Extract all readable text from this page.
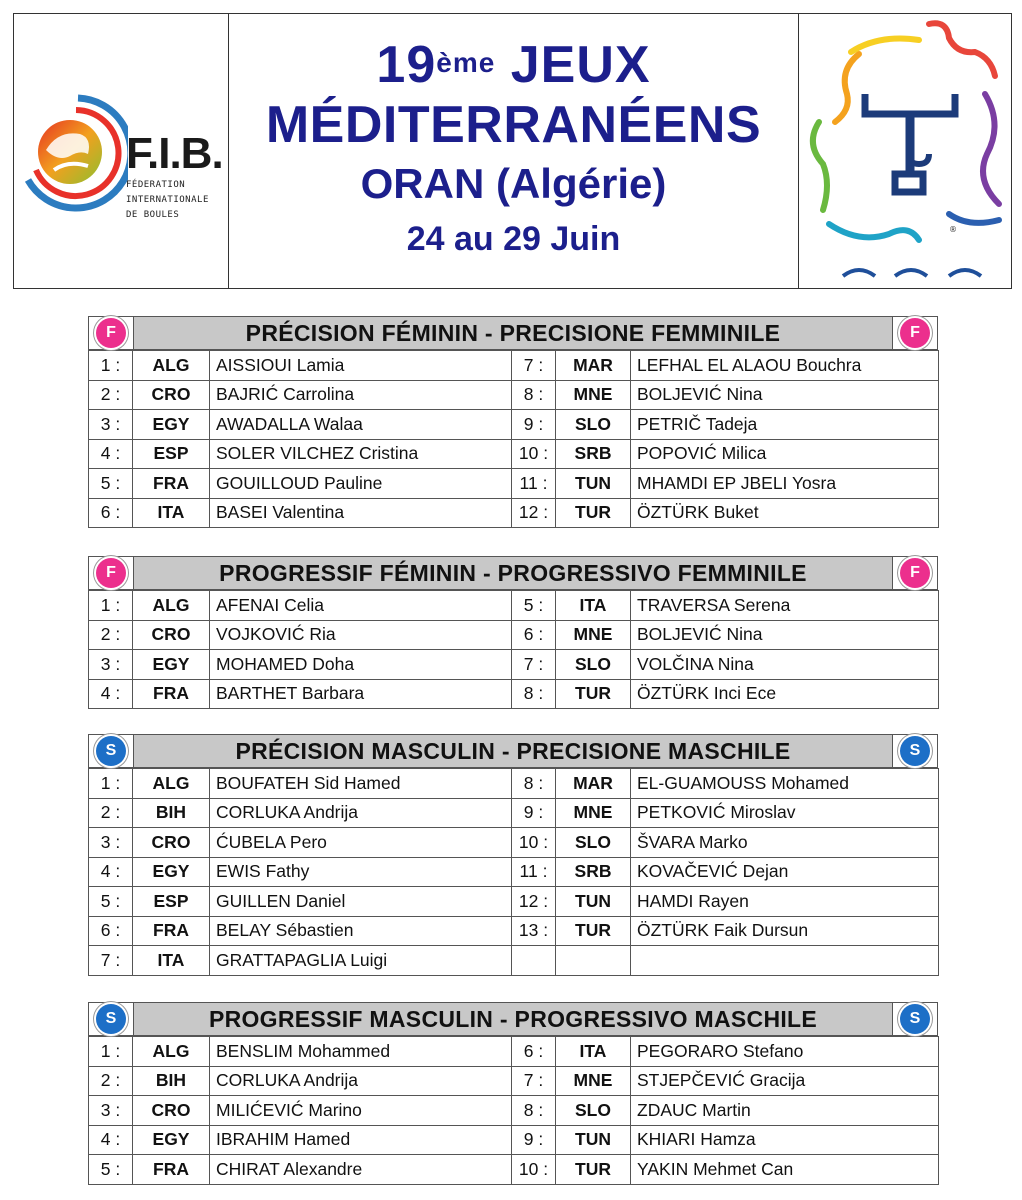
F.I.B.
FÉDERATION
INTERNATIONALE
DE BOULES
19ème JEUX
MÉDITERRANÉENS
ORAN (Algérie)
24 au 29 Juin	®
F	PRÉCISION FÉMININ - PRECISIONE FEMMINILE	F
1 :	ALG	AISSIOUI Lamia	7 :	MAR	LEFHAL EL ALAOU Bouchra
2 :	CRO	BAJRIĆ Carrolina	8 :	MNE	BOLJEVIĆ Nina
3 :	EGY	AWADALLA Walaa	9 :	SLO	PETRIČ Tadeja
4 :	ESP	SOLER VILCHEZ Cristina	10 :	SRB	POPOVIĆ Milica
5 :	FRA	GOUILLOUD Pauline	11 :	TUN	MHAMDI EP JBELI Yosra
6 :	ITA	BASEI Valentina	12 :	TUR	ÖZTÜRK Buket
F	PROGRESSIF FÉMININ - PROGRESSIVO FEMMINILE	F
1 :	ALG	AFENAI Celia	5 :	ITA	TRAVERSA Serena
2 :	CRO	VOJKOVIĆ Ria	6 :	MNE	BOLJEVIĆ Nina
3 :	EGY	MOHAMED Doha	7 :	SLO	VOLČINA Nina
4 :	FRA	BARTHET Barbara	8 :	TUR	ÖZTÜRK Inci Ece
S	PRÉCISION MASCULIN - PRECISIONE MASCHILE	S
1 :	ALG	BOUFATEH Sid Hamed	8 :	MAR	EL-GUAMOUSS Mohamed
2 :	BIH	CORLUKA Andrija	9 :	MNE	PETKOVIĆ Miroslav
3 :	CRO	ĆUBELA Pero	10 :	SLO	ŠVARA Marko
4 :	EGY	EWIS Fathy	11 :	SRB	KOVAČEVIĆ Dejan
5 :	ESP	GUILLEN Daniel	12 :	TUN	HAMDI Rayen
6 :	FRA	BELAY Sébastien	13 :	TUR	ÖZTÜRK Faik Dursun
7 :	ITA	GRATTAPAGLIA Luigi			
S	PROGRESSIF MASCULIN - PROGRESSIVO MASCHILE	S
1 :	ALG	BENSLIM Mohammed	6 :	ITA	PEGORARO Stefano
2 :	BIH	CORLUKA Andrija	7 :	MNE	STJEPČEVIĆ Gracija
3 :	CRO	MILIĆEVIĆ Marino	8 :	SLO	ZDAUC Martin
4 :	EGY	IBRAHIM Hamed	9 :	TUN	KHIARI Hamza
5 :	FRA	CHIRAT Alexandre	10 :	TUR	YAKIN Mehmet Can
